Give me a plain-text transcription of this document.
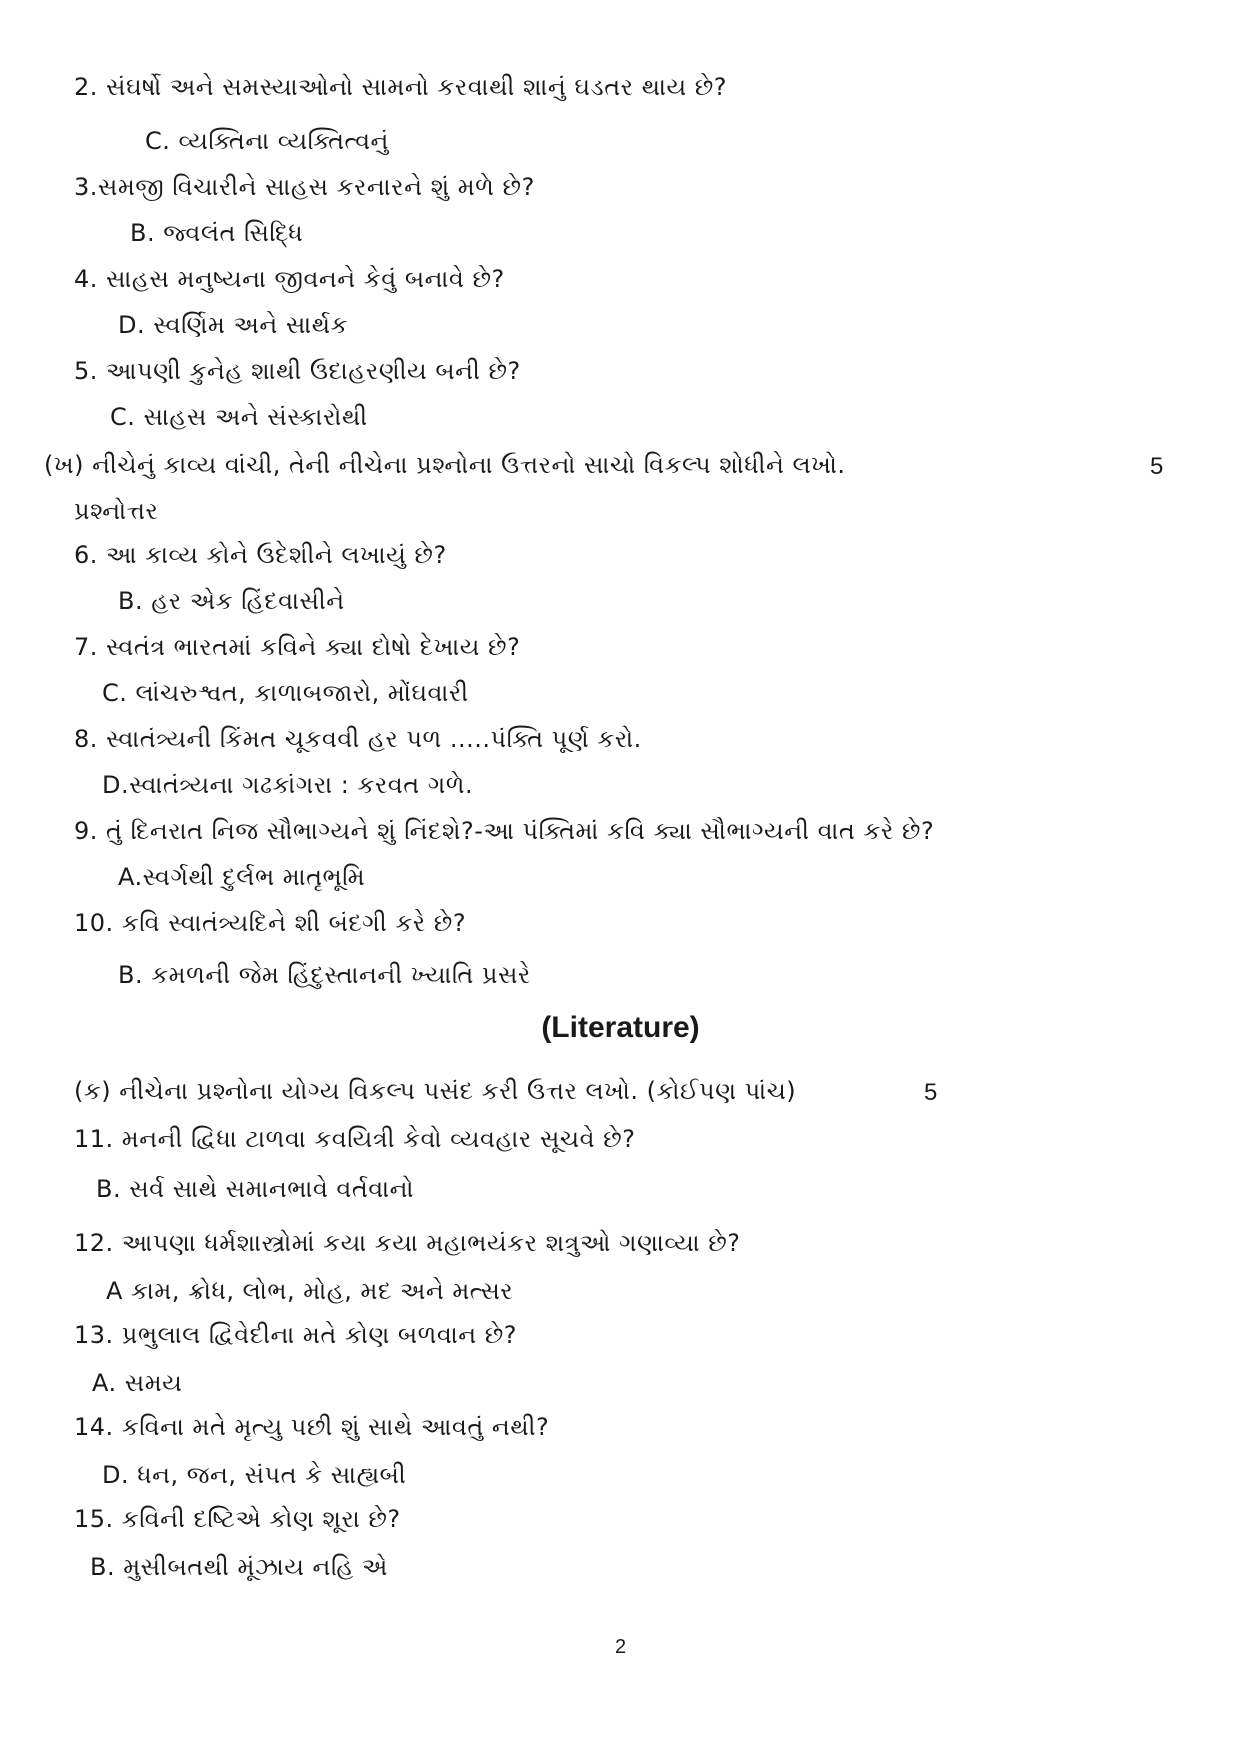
2. સંઘર્ષો અને સમસ્યાઓનો સામનો કરવાથી શાનું ઘડતર થાય છે?
C. વ્યક્તિના વ્યક્તિત્વનું
3.સમજી વિચારીને સાહસ કરનારને શું મળે છે?
B. જ્વલંત સિદ્ધિ
4. સાહસ મનુષ્યના જીવનને કેવું બનાવે છે?
D. સ્વર્ણિમ અને સાર્થક
5. આપણી કુનેહ શાથી ઉદાહરણીય બની છે?
C. સાહસ અને સંસ્કારોથી
(ખ) નીચેનું કાવ્ય વાંચી, તેની નીચેના પ્રશ્નોના ઉત્તરનો સાચો વિકલ્પ શોધીને લખો.	5
પ્રશ્નોત્તર
6. આ કાવ્ય કોને ઉદેશીને લખાયું છે?
B. હર એક હિંદવાસીને
7. સ્વતંત્ર ભારતમાં કવિને ક્યા દોષો દેખાય છે?
C. લાંચરુશ્વત, કાળાબજારો, મોંઘવારી
8. સ્વાતંત્ર્યની કિંમત ચૂકવવી હર પળ .....પંક્તિ પૂર્ણ કરો.
D.સ્વાતંત્ર્યના ગઢકાંગરા : કરવત ગળે.
9. તું દિનરાત નિજ સૌભાગ્યને શું નિંદશે?-આ પંક્તિમાં કવિ ક્યા સૌભાગ્યની વાત કરે છે?
A.સ્વર્ગથી દુર્લભ માતૃભૂમિ
10. કવિ સ્વાતંત્ર્યદિને શી બંદગી કરે છે?
B. કમળની જેમ હિંદુસ્તાનની ખ્યાતિ પ્રસરે
(Literature)
(ક) નીચેના પ્રશ્નોના યોગ્ય વિકલ્પ પસંદ કરી ઉત્તર લખો. (કોઈપણ પાંચ)	5
11. મનની દ્વિધા ટાળવા કવયિત્રી કેવો વ્યવહાર સૂચવે છે?
B. સર્વ સાથે સમાનભાવે વર્તવાનો
12. આપણા ધર્મશાસ્ત્રોમાં કયા કયા મહાભયંકર શત્રુઓ ગણાવ્યા છે?
A કામ, ક્રોધ, લોભ, મોહ, મદ અને મત્સર
13. પ્રભુલાલ દ્વિવેદીના મતે કોણ બળવાન છે?
A. સમય
14. કવિના મતે મૃત્યુ પછી શું સાથે આવતું નથી?
D. ધન, જન, સંપત કે સાહ્યબી
15. કવિની દષ્ટિએ કોણ શૂરા છે?
B. મુસીબતથી મૂંઝાય નહિ એ
2
